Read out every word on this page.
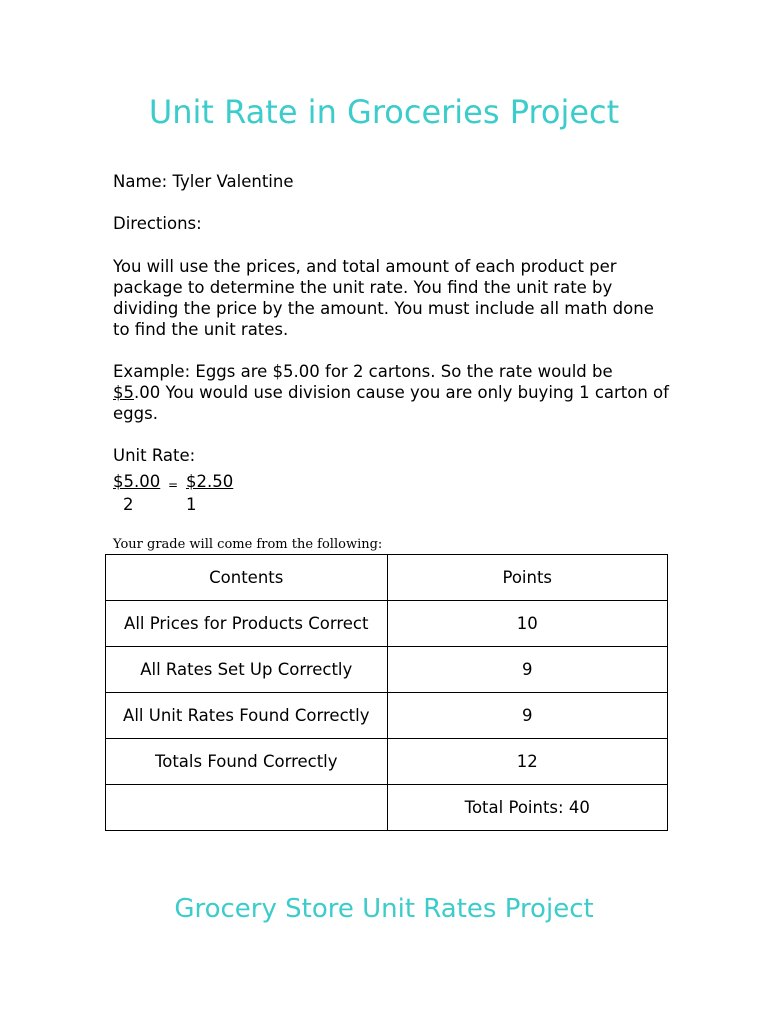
Unit Rate in Groceries Project

Name: Tyler Valentine

Directions:

You will use the prices, and total amount of each product per package to determine the unit rate. You find the unit rate by dividing the price by the amount. You must include all math done to find the unit rates.

Example: Eggs are $5.00 for 2 cartons. So the rate would be
$5.00 You would use division cause you are only buying 1 carton of eggs.

Unit Rate:

$5.00 = $2.50
2	1
Your grade will come from the following:
Contents	Points
All Prices for Products Correct	10
All Rates Set Up Correctly	9
All Unit Rates Found Correctly	9
Totals Found Correctly	12
	Total Points: 40
Grocery Store Unit Rates Project
